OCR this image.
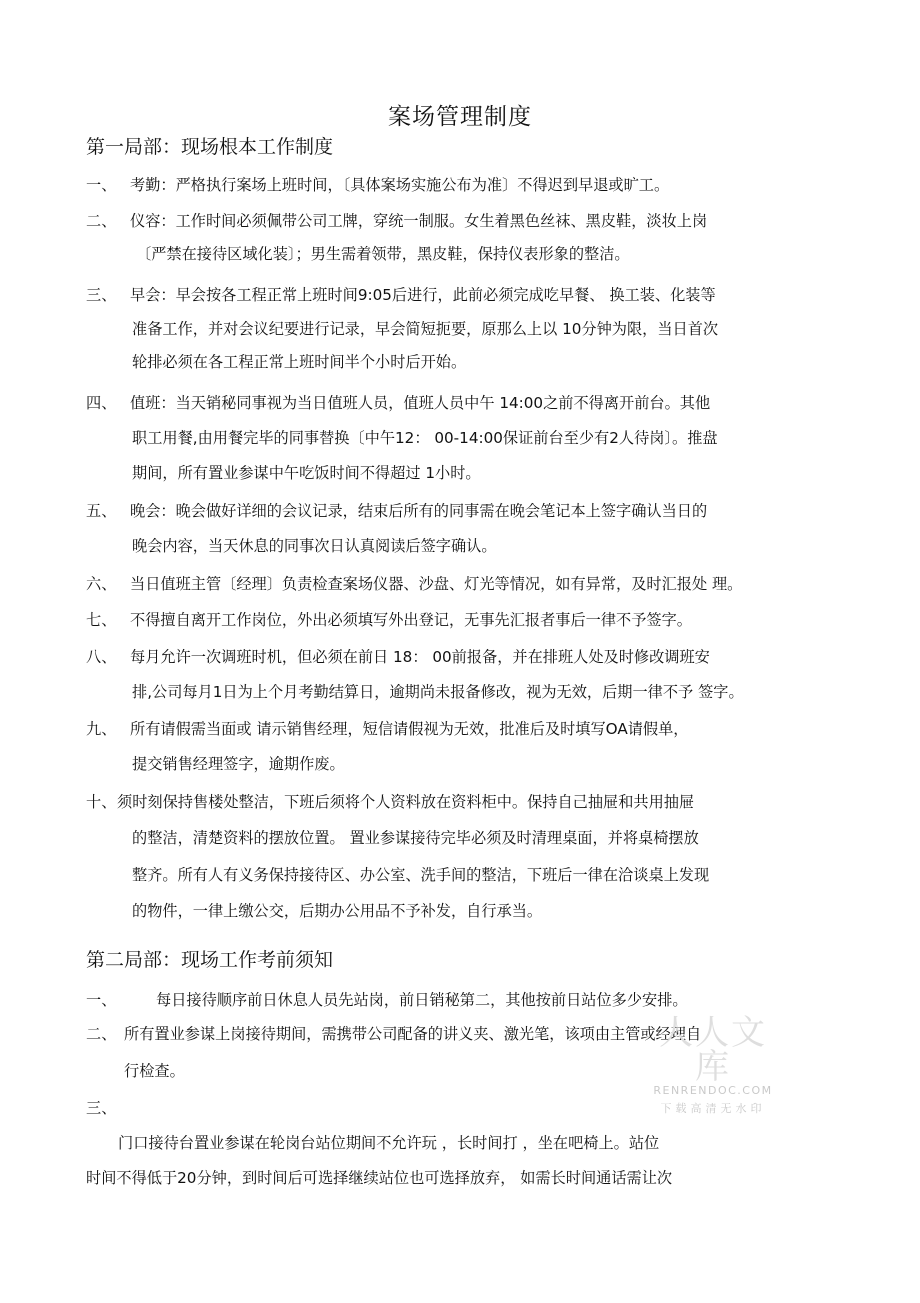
案场管理制度
第一局部：现场根本工作制度
一、 考勤：严格执行案场上班时间，〔具体案场实施公布为准〕不得迟到早退或旷工。
二、 仪容：工作时间必须佩带公司工牌，穿统一制服。女生着黑色丝袜、黑皮鞋，淡妆上岗
〔严禁在接待区域化装〕；男生需着领带，黑皮鞋，保持仪表形象的整洁。
三、 早会：早会按各工程正常上班时间9:05后进行，此前必须完成吃早餐、 换工装、化装等
准备工作，并对会议纪要进行记录，早会简短扼要，原那么上以 10分钟为限，当日首次
轮排必须在各工程正常上班时间半个小时后开始。
四、 值班：当天销秘同事视为当日值班人员，值班人员中午 14:00之前不得离开前台。其他
职工用餐,由用餐完毕的同事替换〔中午12： 00-14:00保证前台至少有2人待岗〕。推盘
期间，所有置业参谋中午吃饭时间不得超过 1小时。
五、 晚会：晚会做好详细的会议记录，结束后所有的同事需在晚会笔记本上签字确认当日的
晚会内容，当天休息的同事次日认真阅读后签字确认。
六、 当日值班主管〔经理〕负责检查案场仪器、沙盘、灯光等情况，如有异常，及时汇报处 理。
七、 不得擅自离开工作岗位，外出必须填写外出登记，无事先汇报者事后一律不予签字。
八、 每月允许一次调班时机，但必须在前日 18： 00前报备，并在排班人处及时修改调班安
排,公司每月1日为上个月考勤结算日，逾期尚未报备修改，视为无效，后期一律不予 签字。
九、 所有请假需当面或 请示销售经理，短信请假视为无效，批准后及时填写OA请假单，
提交销售经理签字，逾期作废。
十、 须时刻保持售楼处整洁，下班后须将个人资料放在资料柜中。保持自己抽屉和共用抽屉
的整洁，清楚资料的摆放位置。 置业参谋接待完毕必须及时清理桌面，并将桌椅摆放
整齐。所有人有义务保持接待区、办公室、洗手间的整洁，下班后一律在洽谈桌上发现
的物件，一律上缴公交，后期办公用品不予补发，自行承当。
第二局部：现场工作考前须知
一、	每日接待顺序前日休息人员先站岗，前日销秘第二，其他按前日站位多少安排。
二、 所有置业参谋上岗接待期间，需携带公司配备的讲义夹、激光笔，该项由主管或经理自
行检查。
三、
门口接待台置业参谋在轮岗台站位期间不允许玩 ，长时间打 ，坐在吧椅上。站位
时间不得低于20分钟，到时间后可选择继续站位也可选择放弃， 如需长时间通话需让次
人人文库
RENRENDOC.COM
下载高清无水印
